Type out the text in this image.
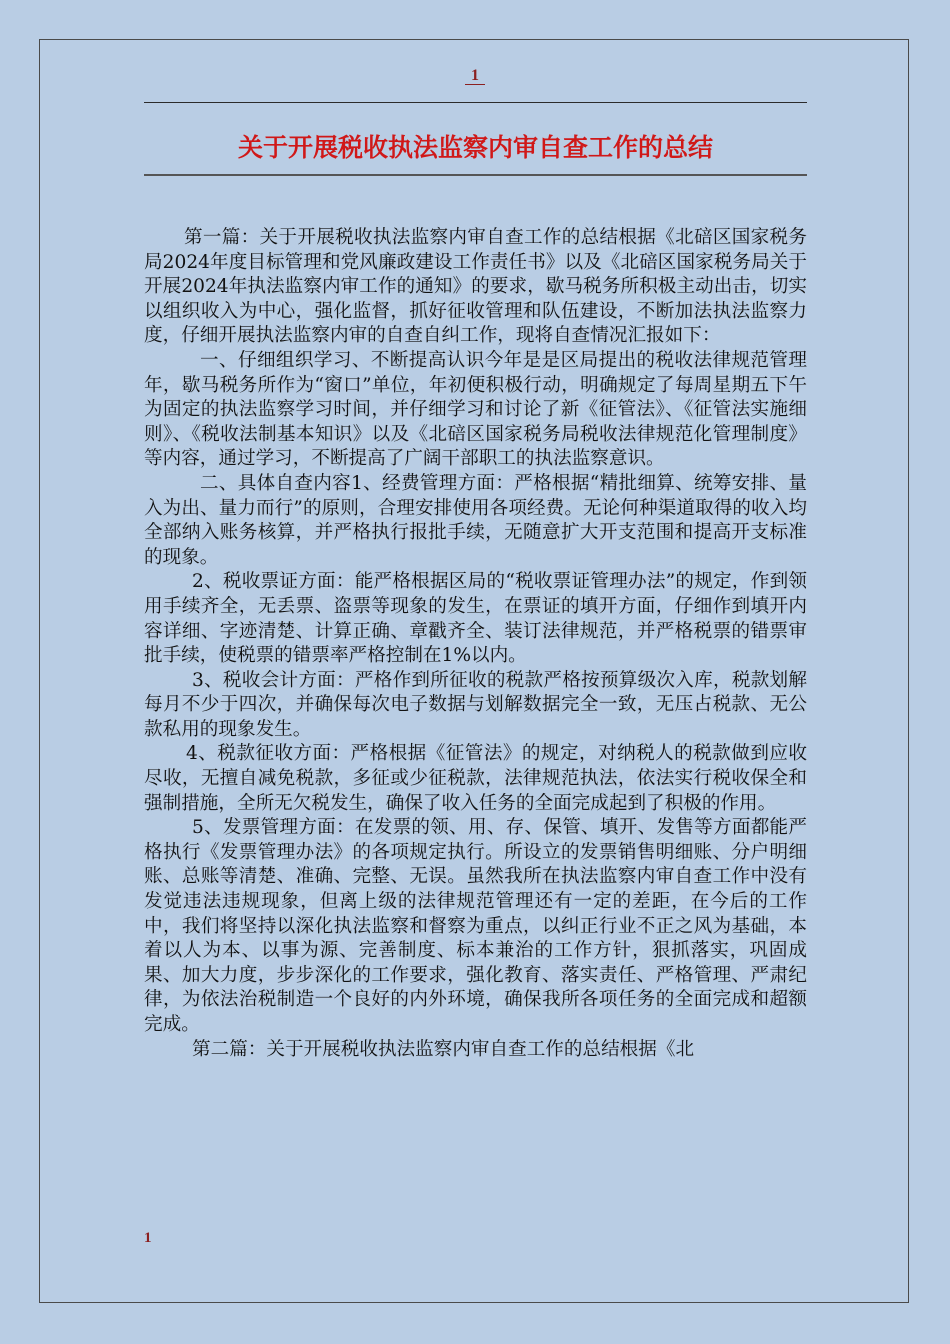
1
关于开展税收执法监察内审自查工作的总结

第一篇：关于开展税收执法监察内审自查工作的总结根据《北碚区国家税务局2024年度目标管理和党风廉政建设工作责任书》以及《北碚区国家税务局关于开展2024年执法监察内审工作的通知》的要求，歇马税务所积极主动出击，切实以组织收入为中心，强化监督，抓好征收管理和队伍建设，不断加法执法监察力度，仔细开展执法监察内审的自查自纠工作，现将自查情况汇报如下：

一、仔细组织学习、不断提高认识今年是是区局提出的税收法律规范管理年，歇马税务所作为“窗口”单位，年初便积极行动，明确规定了每周星期五下午为固定的执法监察学习时间，并仔细学习和讨论了新《征管法》、《征管法实施细则》、《税收法制基本知识》以及《北碚区国家税务局税收法律规范化管理制度》等内容，通过学习，不断提高了广阔干部职工的执法监察意识。

二、具体自查内容1、经费管理方面：严格根据“精批细算、统筹安排、量入为出、量力而行”的原则，合理安排使用各项经费。无论何种渠道取得的收入均全部纳入账务核算，并严格执行报批手续，无随意扩大开支范围和提高开支标准的现象。

2、税收票证方面：能严格根据区局的“税收票证管理办法”的规定，作到领用手续齐全，无丢票、盗票等现象的发生，在票证的填开方面，仔细作到填开内容详细、字迹清楚、计算正确、章戳齐全、装订法律规范，并严格税票的错票审批手续，使税票的错票率严格控制在1%以内。

3、税收会计方面：严格作到所征收的税款严格按预算级次入库，税款划解每月不少于四次，并确保每次电子数据与划解数据完全一致，无压占税款、无公款私用的现象发生。

4、税款征收方面：严格根据《征管法》的规定，对纳税人的税款做到应收尽收，无擅自减免税款，多征或少征税款，法律规范执法，依法实行税收保全和强制措施，全所无欠税发生，确保了收入任务的全面完成起到了积极的作用。

5、发票管理方面：在发票的领、用、存、保管、填开、发售等方面都能严格执行《发票管理办法》的各项规定执行。所设立的发票销售明细账、分户明细账、总账等清楚、准确、完整、无误。虽然我所在执法监察内审自查工作中没有发觉违法违规现象，但离上级的法律规范管理还有一定的差距，在今后的工作中，我们将坚持以深化执法监察和督察为重点，以纠正行业不正之风为基础，本着以人为本、以事为源、完善制度、标本兼治的工作方针，狠抓落实，巩固成果、加大力度，步步深化的工作要求，强化教育、落实责任、严格管理、严肃纪律，为依法治税制造一个良好的内外环境，确保我所各项任务的全面完成和超额完成。

第二篇：关于开展税收执法监察内审自查工作的总结根据《北

1
